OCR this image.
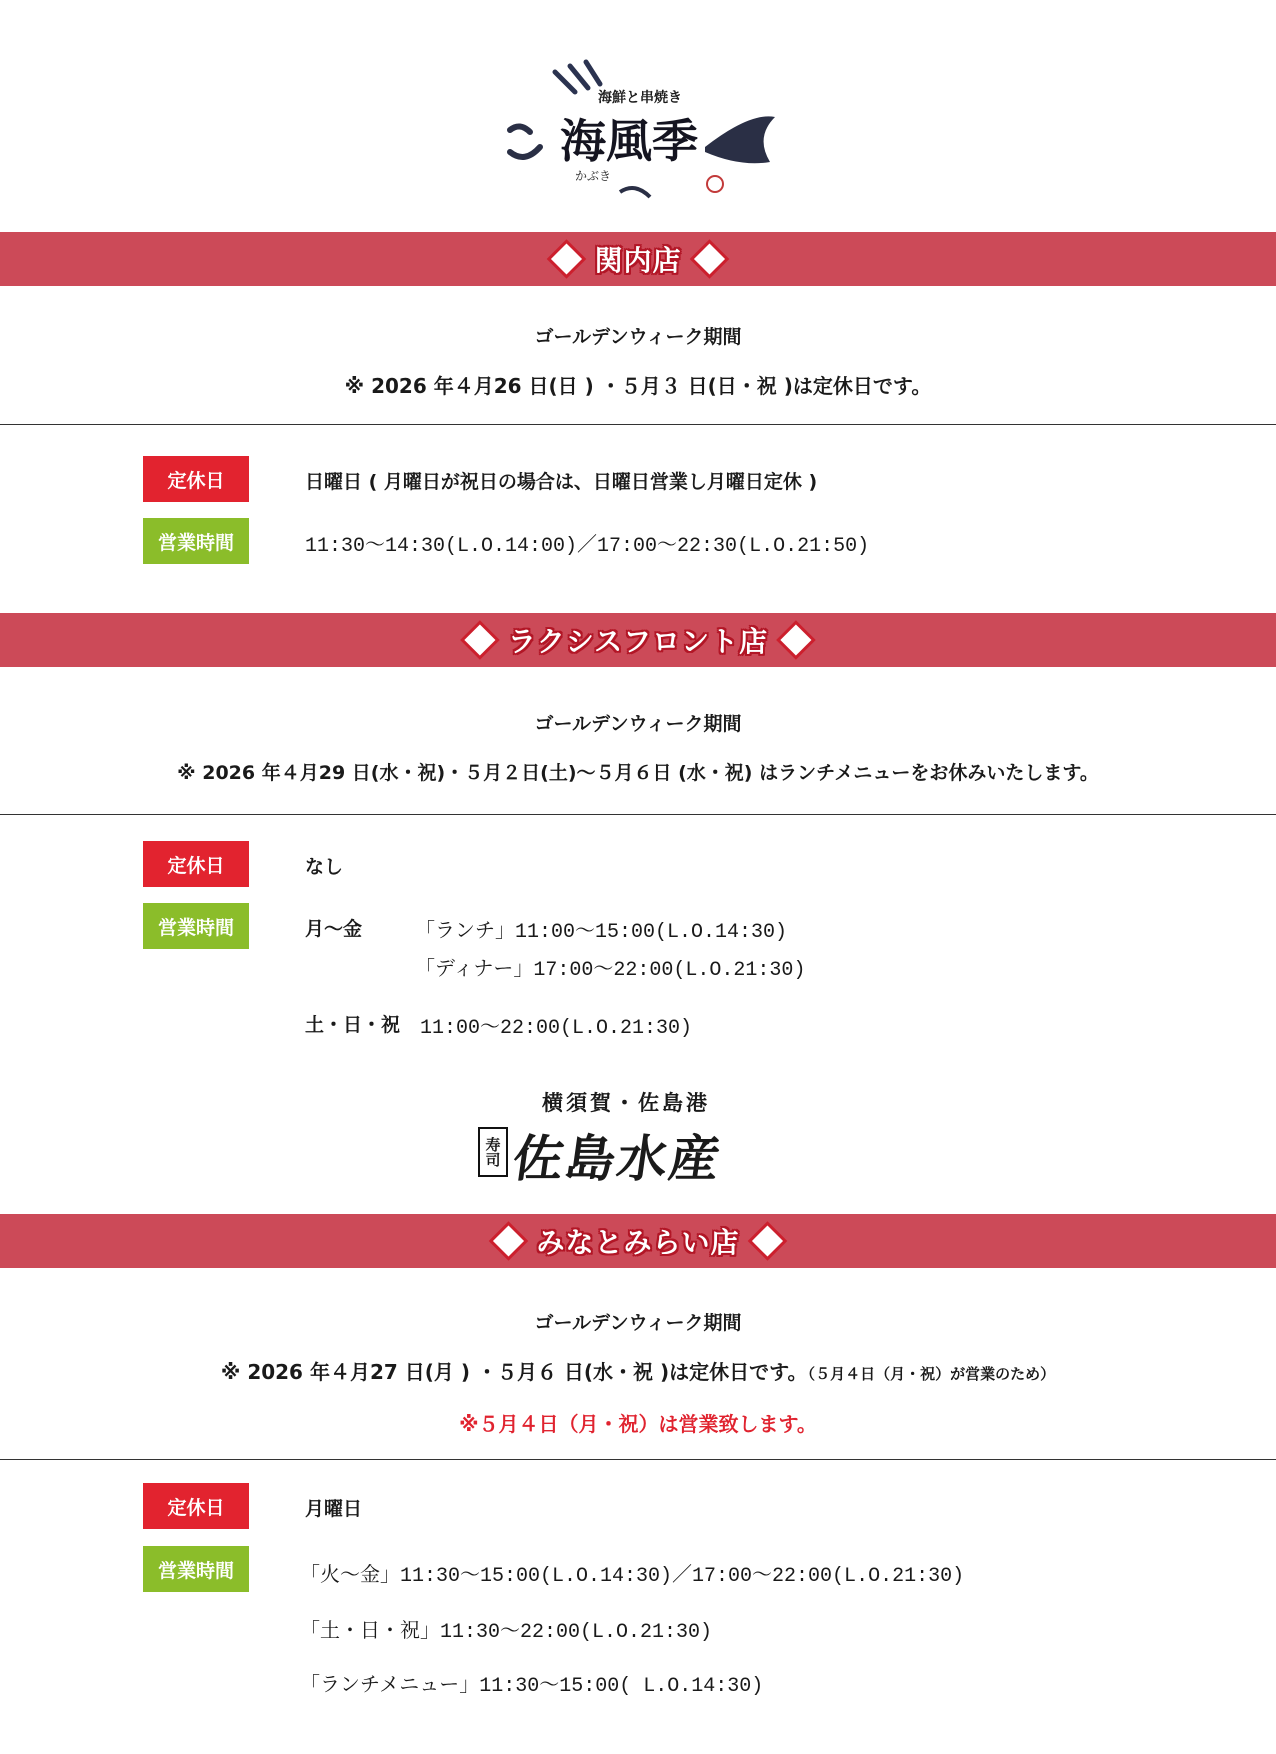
海鮮と串焼き
海風季
かぶき
関内店
ゴールデンウィーク期間
※ 2026 年４月26 日(日 ) ・５月３ 日(日・祝 )は定休日です。
定休日	日曜日 ( 月曜日が祝日の場合は、日曜日営業し月曜日定休 )
営業時間	11:30〜14:30(L.O.14:00)／17:00〜22:30(L.O.21:50)
ラクシスフロント店
ゴールデンウィーク期間
※ 2026 年４月29 日(水・祝)・５月２日(土)〜５月６日 (水・祝) はランチメニューをお休みいたします。
定休日	なし
営業時間	月〜金	「ランチ」11:00〜15:00(L.O.14:30)
「ディナー」17:00〜22:00(L.O.21:30)
土・日・祝 11:00〜22:00(L.O.21:30)
横須賀・佐島港
寿司 佐島水産
みなとみらい店
ゴールデンウィーク期間
※ 2026 年４月27 日(月 ) ・５月６ 日(水・祝 )は定休日です。（５月４日（月・祝）が営業のため）
※５月４日（月・祝）は営業致します。
定休日	月曜日
営業時間	「火〜金」11:30〜15:00(L.O.14:30)／17:00〜22:00(L.O.21:30)
「土・日・祝」11:30〜22:00(L.O.21:30)
「ランチメニュー」11:30〜15:00( L.O.14:30)
